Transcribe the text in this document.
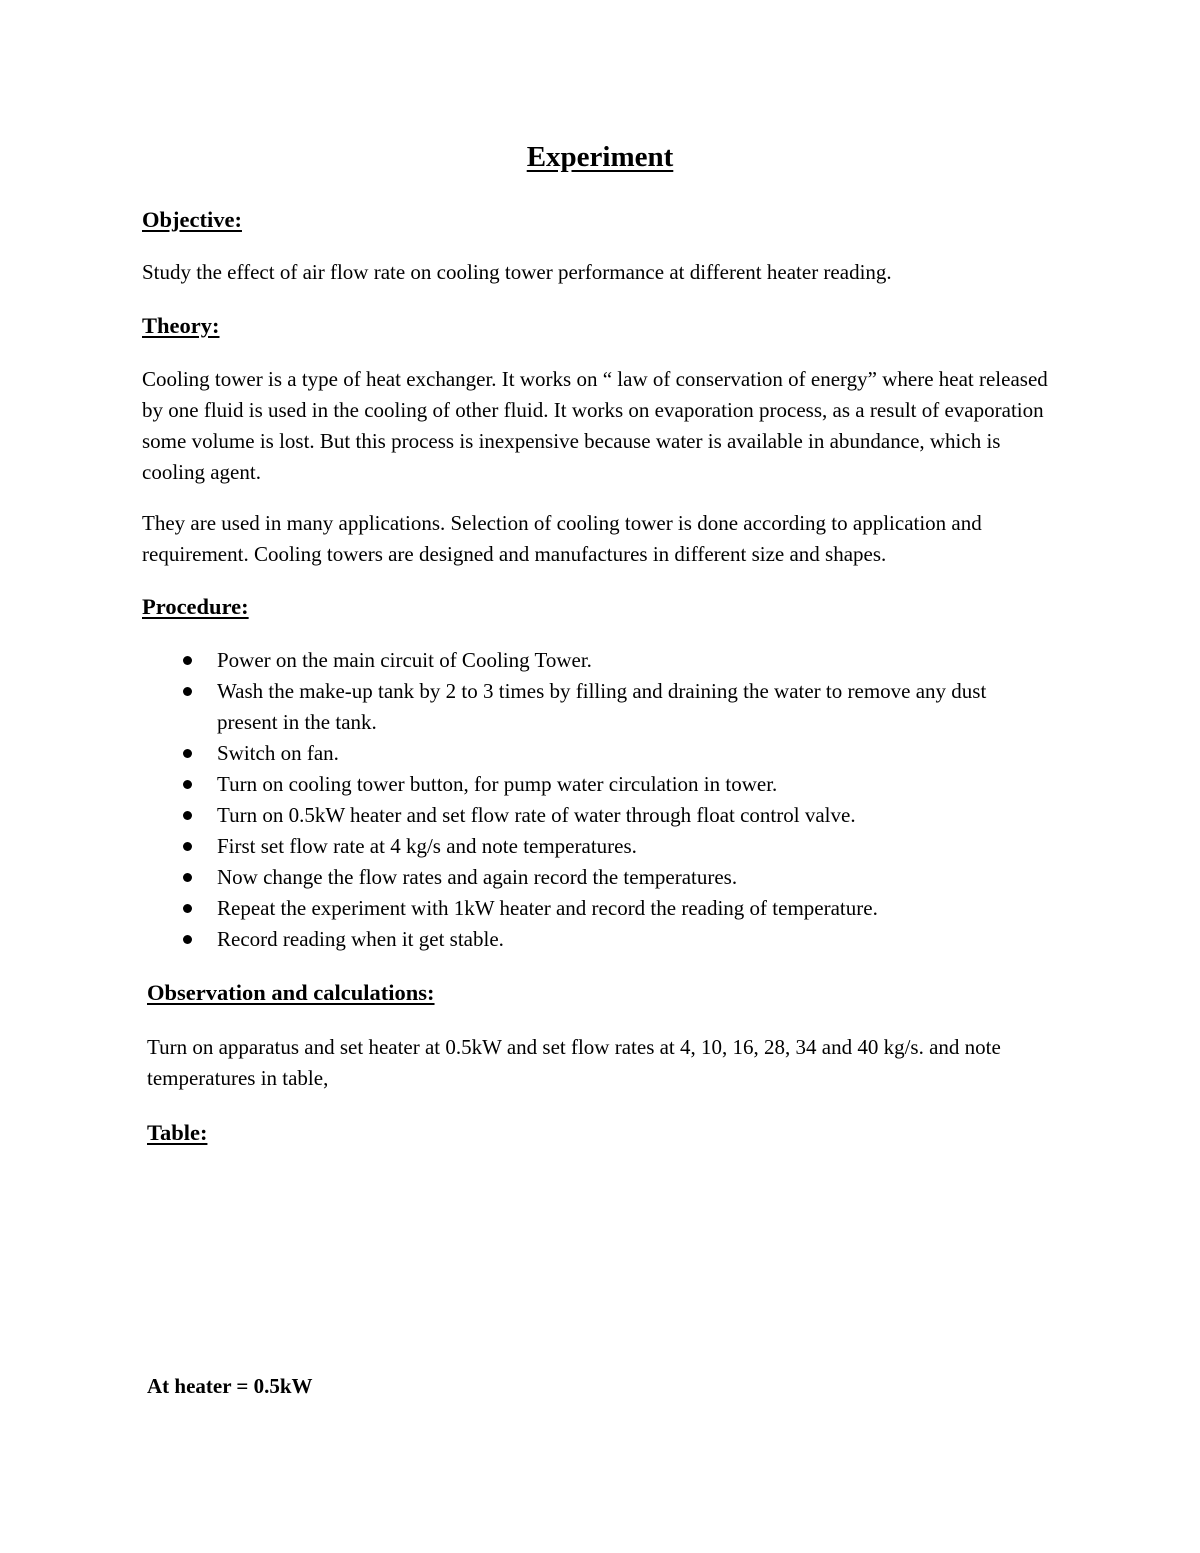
Experiment
Objective:

Study the effect of air flow rate on cooling tower performance at different heater reading.

Theory:

Cooling tower is a type of heat exchanger. It works on “ law of conservation of energy” where heat released by one fluid is used in the cooling of other fluid. It works on evaporation process, as a result of evaporation some volume is lost. But this process is inexpensive because water is available in abundance, which is cooling agent.

They are used in many applications. Selection of cooling tower is done according to application and requirement. Cooling towers are designed and manufactures in different size and shapes.

Procedure:
Power on the main circuit of Cooling Tower.
Wash the make-up tank by 2 to 3 times by filling and draining the water to remove any dust present in the tank.
Switch on fan.
Turn on cooling tower button, for pump water circulation in tower.
Turn on 0.5kW heater and set flow rate of water through float control valve.
First set flow rate at 4 kg/s and note temperatures.
Now change the flow rates and again record the temperatures.
Repeat the experiment with 1kW heater and record the reading of temperature.
Record reading when it get stable.
Observation and calculations:

Turn on apparatus and set heater at 0.5kW and set flow rates at 4, 10, 16, 28, 34 and 40 kg/s. and note temperatures in table,

Table:

At heater = 0.5kW
